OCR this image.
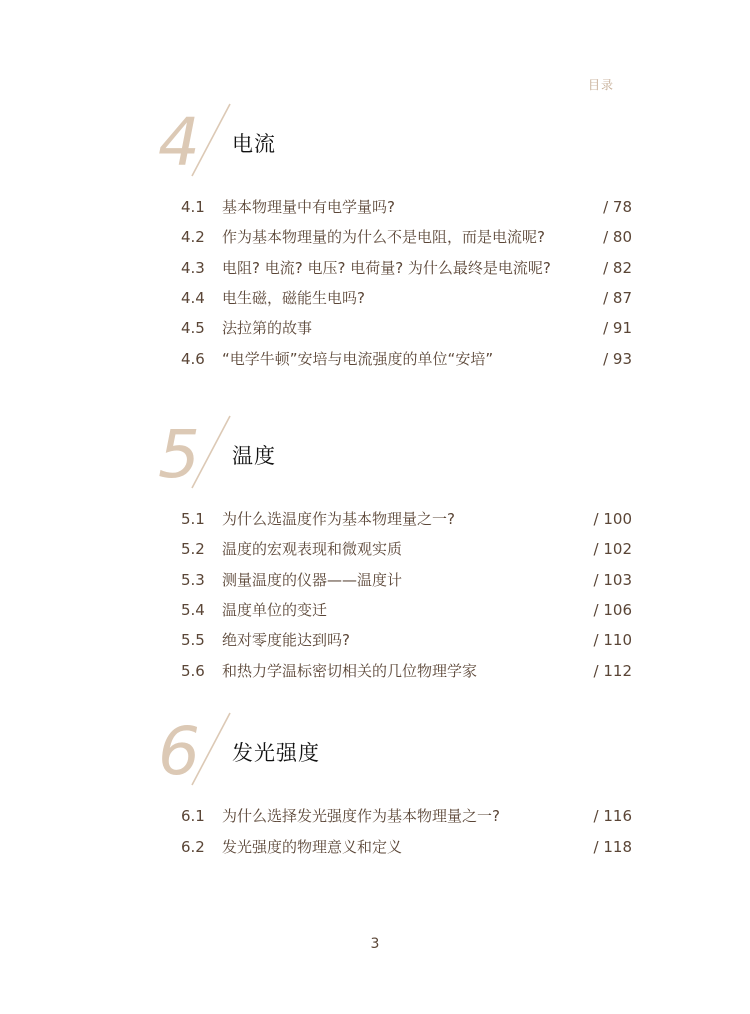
目录
4 电流
4.1 基本物理量中有电学量吗?	/ 78
4.2 作为基本物理量的为什么不是电阻，而是电流呢?	/ 80
4.3 电阻? 电流? 电压? 电荷量? 为什么最终是电流呢?	/ 82
4.4 电生磁，磁能生电吗?	/ 87
4.5 法拉第的故事	/ 91
4.6 “电学牛顿”安培与电流强度的单位“安培”	/ 93
5 温度
5.1 为什么选温度作为基本物理量之一?	/ 100
5.2 温度的宏观表现和微观实质	/ 102
5.3 测量温度的仪器——温度计	/ 103
5.4 温度单位的变迁	/ 106
5.5 绝对零度能达到吗?	/ 110
5.6 和热力学温标密切相关的几位物理学家	/ 112
6 发光强度
6.1 为什么选择发光强度作为基本物理量之一?	/ 116
6.2 发光强度的物理意义和定义	/ 118
3
